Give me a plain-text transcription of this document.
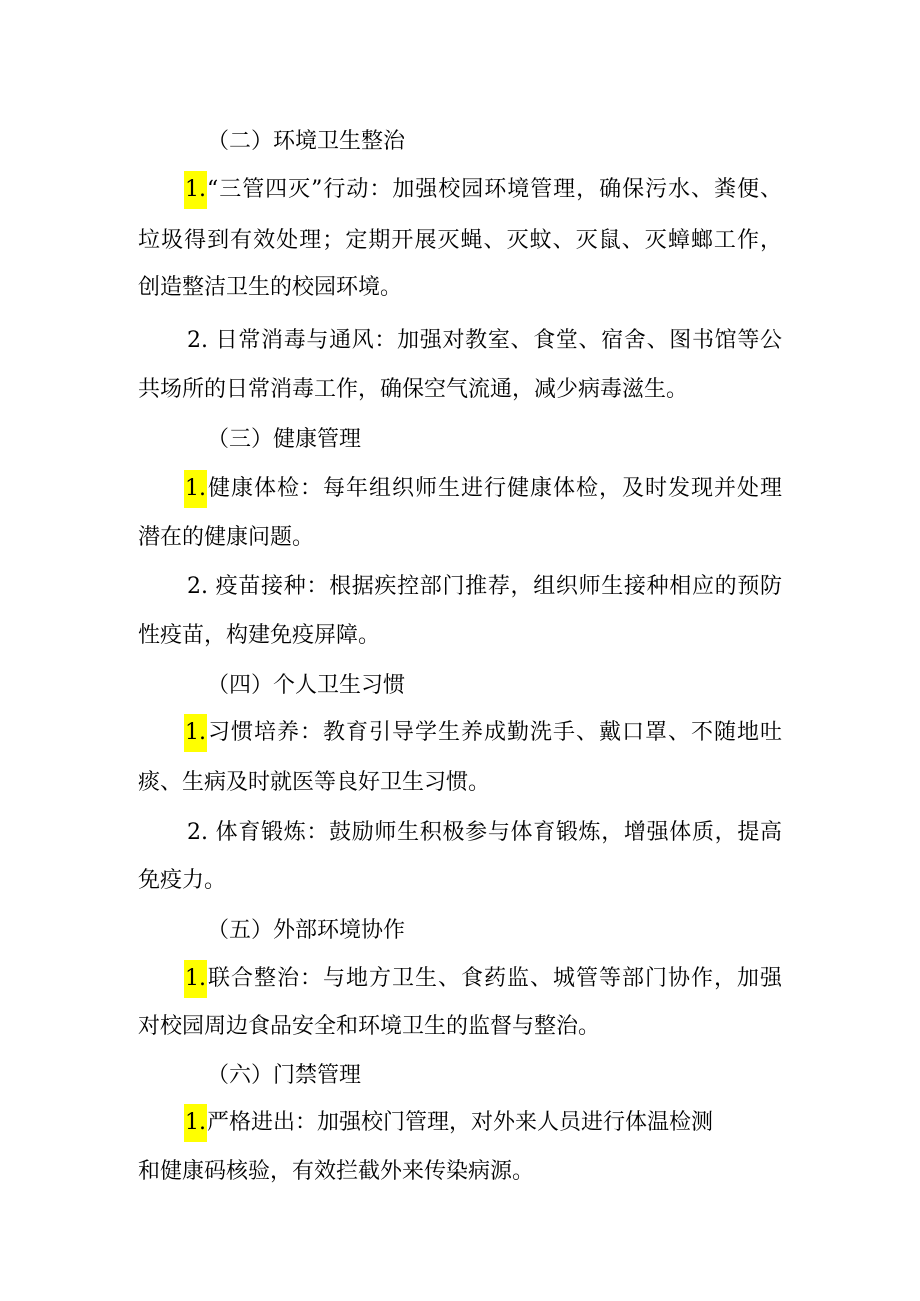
（二）环境卫生整治
1.“三管四灭”行动：加强校园环境管理，确保污水、粪便、
垃圾得到有效处理；定期开展灭蝇、灭蚊、灭鼠、灭蟑螂工作，
创造整洁卫生的校园环境。
2. 日常消毒与通风：加强对教室、食堂、宿舍、图书馆等公
共场所的日常消毒工作，确保空气流通，减少病毒滋生。
（三）健康管理
1.健康体检：每年组织师生进行健康体检，及时发现并处理
潜在的健康问题。
2. 疫苗接种：根据疾控部门推荐，组织师生接种相应的预防
性疫苗，构建免疫屏障。
（四）个人卫生习惯
1.习惯培养：教育引导学生养成勤洗手、戴口罩、不随地吐
痰、生病及时就医等良好卫生习惯。
2. 体育锻炼：鼓励师生积极参与体育锻炼，增强体质，提高
免疫力。
（五）外部环境协作
1.联合整治：与地方卫生、食药监、城管等部门协作，加强
对校园周边食品安全和环境卫生的监督与整治。
（六）门禁管理
1.严格进出：加强校门管理，对外来人员进行体温检测
和健康码核验，有效拦截外来传染病源。
